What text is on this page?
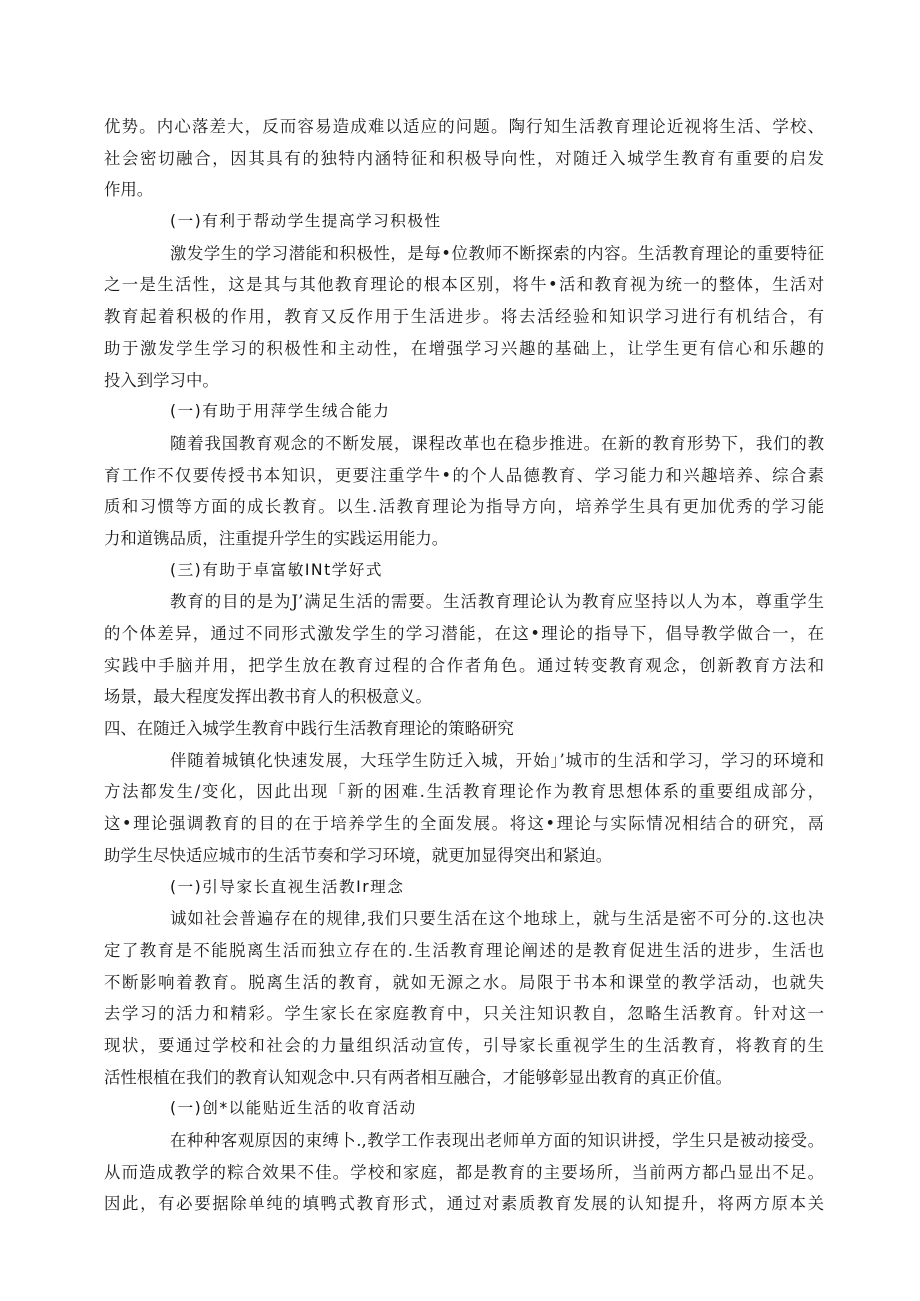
优势。内心落差大，反而容易造成难以适应的问题。陶行知生活教育理论近视将生活、学校、
社会密切融合，因其具有的独特内涵特征和积极导向性，对随迁入城学生教育有重要的启发
作用。
(一)有利于帮动学生提高学习积极性
激发学生的学习潜能和积极性，是每•位教师不断探索的内容。生活教育理论的重要特征
之一是生活性，这是其与其他教育理论的根本区别，将牛•活和教育视为统一的整体，生活对
教育起着积极的作用，教育又反作用于生活进步。将去活经验和知识学习进行有机结合，有
助于激发学生学习的积极性和主动性，在增强学习兴趣的基础上，让学生更有信心和乐趣的
投入到学习中。
(一)有助于用萍学生绒合能力
随着我国教育观念的不断发展，课程改革也在稳步推进。在新的教育形势下，我们的教
育工作不仅要传授书本知识，更要注重学牛•的个人品德教育、学习能力和兴趣培养、综合素
质和习惯等方面的成长教育。以生.活教育理论为指导方向，培养学生具有更加优秀的学习能
力和道镌品质，注重提升学生的实践运用能力。
(三)有助于卓富敏INt学好式
教育的目的是为J’满足生活的需要。生活教育理论认为教育应坚持以人为本，尊重学生
的个体差异，通过不同形式激发学生的学习潜能，在这•理论的指导下，倡导教学做合一，在
实践中手脑并用，把学生放在教育过程的合作者角色。通过转变教育观念，创新教育方法和
场景，最大程度发挥出教书育人的积极意义。
四、在随迁入城学生教育中践行生活教育理论的策略研究
伴随着城镇化快速发展，大珏学生防迁入城，开始」’城市的生活和学习，学习的环境和
方法都发生/变化，因此出现「新的困难.生活教育理论作为教育思想体系的重要组成部分，
这•理论强调教育的目的在于培养学生的全面发展。将这•理论与实际情况相结合的研究，鬲
助学生尽快适应城市的生活节奏和学习环境，就更加显得突出和紧迫。
(一)引导家长直视生活教Ir理念
诚如社会普遍存在的规律,我们只要生活在这个地球上，就与生活是密不可分的.这也决
定了教育是不能脱离生活而独立存在的.生活教育理论阐述的是教育促进生活的进步，生活也
不断影响着教育。脱离生活的教育，就如无源之水。局限于书本和课堂的教学活动，也就失
去学习的活力和精彩。学生家长在家庭教育中，只关注知识教自，忽略生活教育。针对这一
现状，要通过学校和社会的力量组织活动宣传，引导家长重视学生的生活教育，将教育的生
活性根植在我们的教育认知观念中.只有两者相互融合，才能够彰显出教育的真正价值。
(一)创*以能贴近生活的收育活动
在种种客观原因的束缚卜.,教学工作表现出老师单方面的知识讲授，学生只是被动接受。
从而造成教学的粽合效果不佳。学校和家庭，都是教育的主要场所，当前两方都凸显出不足。
因此，有必要据除单纯的填鸭式教育形式，通过对素质教育发展的认知提升，将两方原本关
